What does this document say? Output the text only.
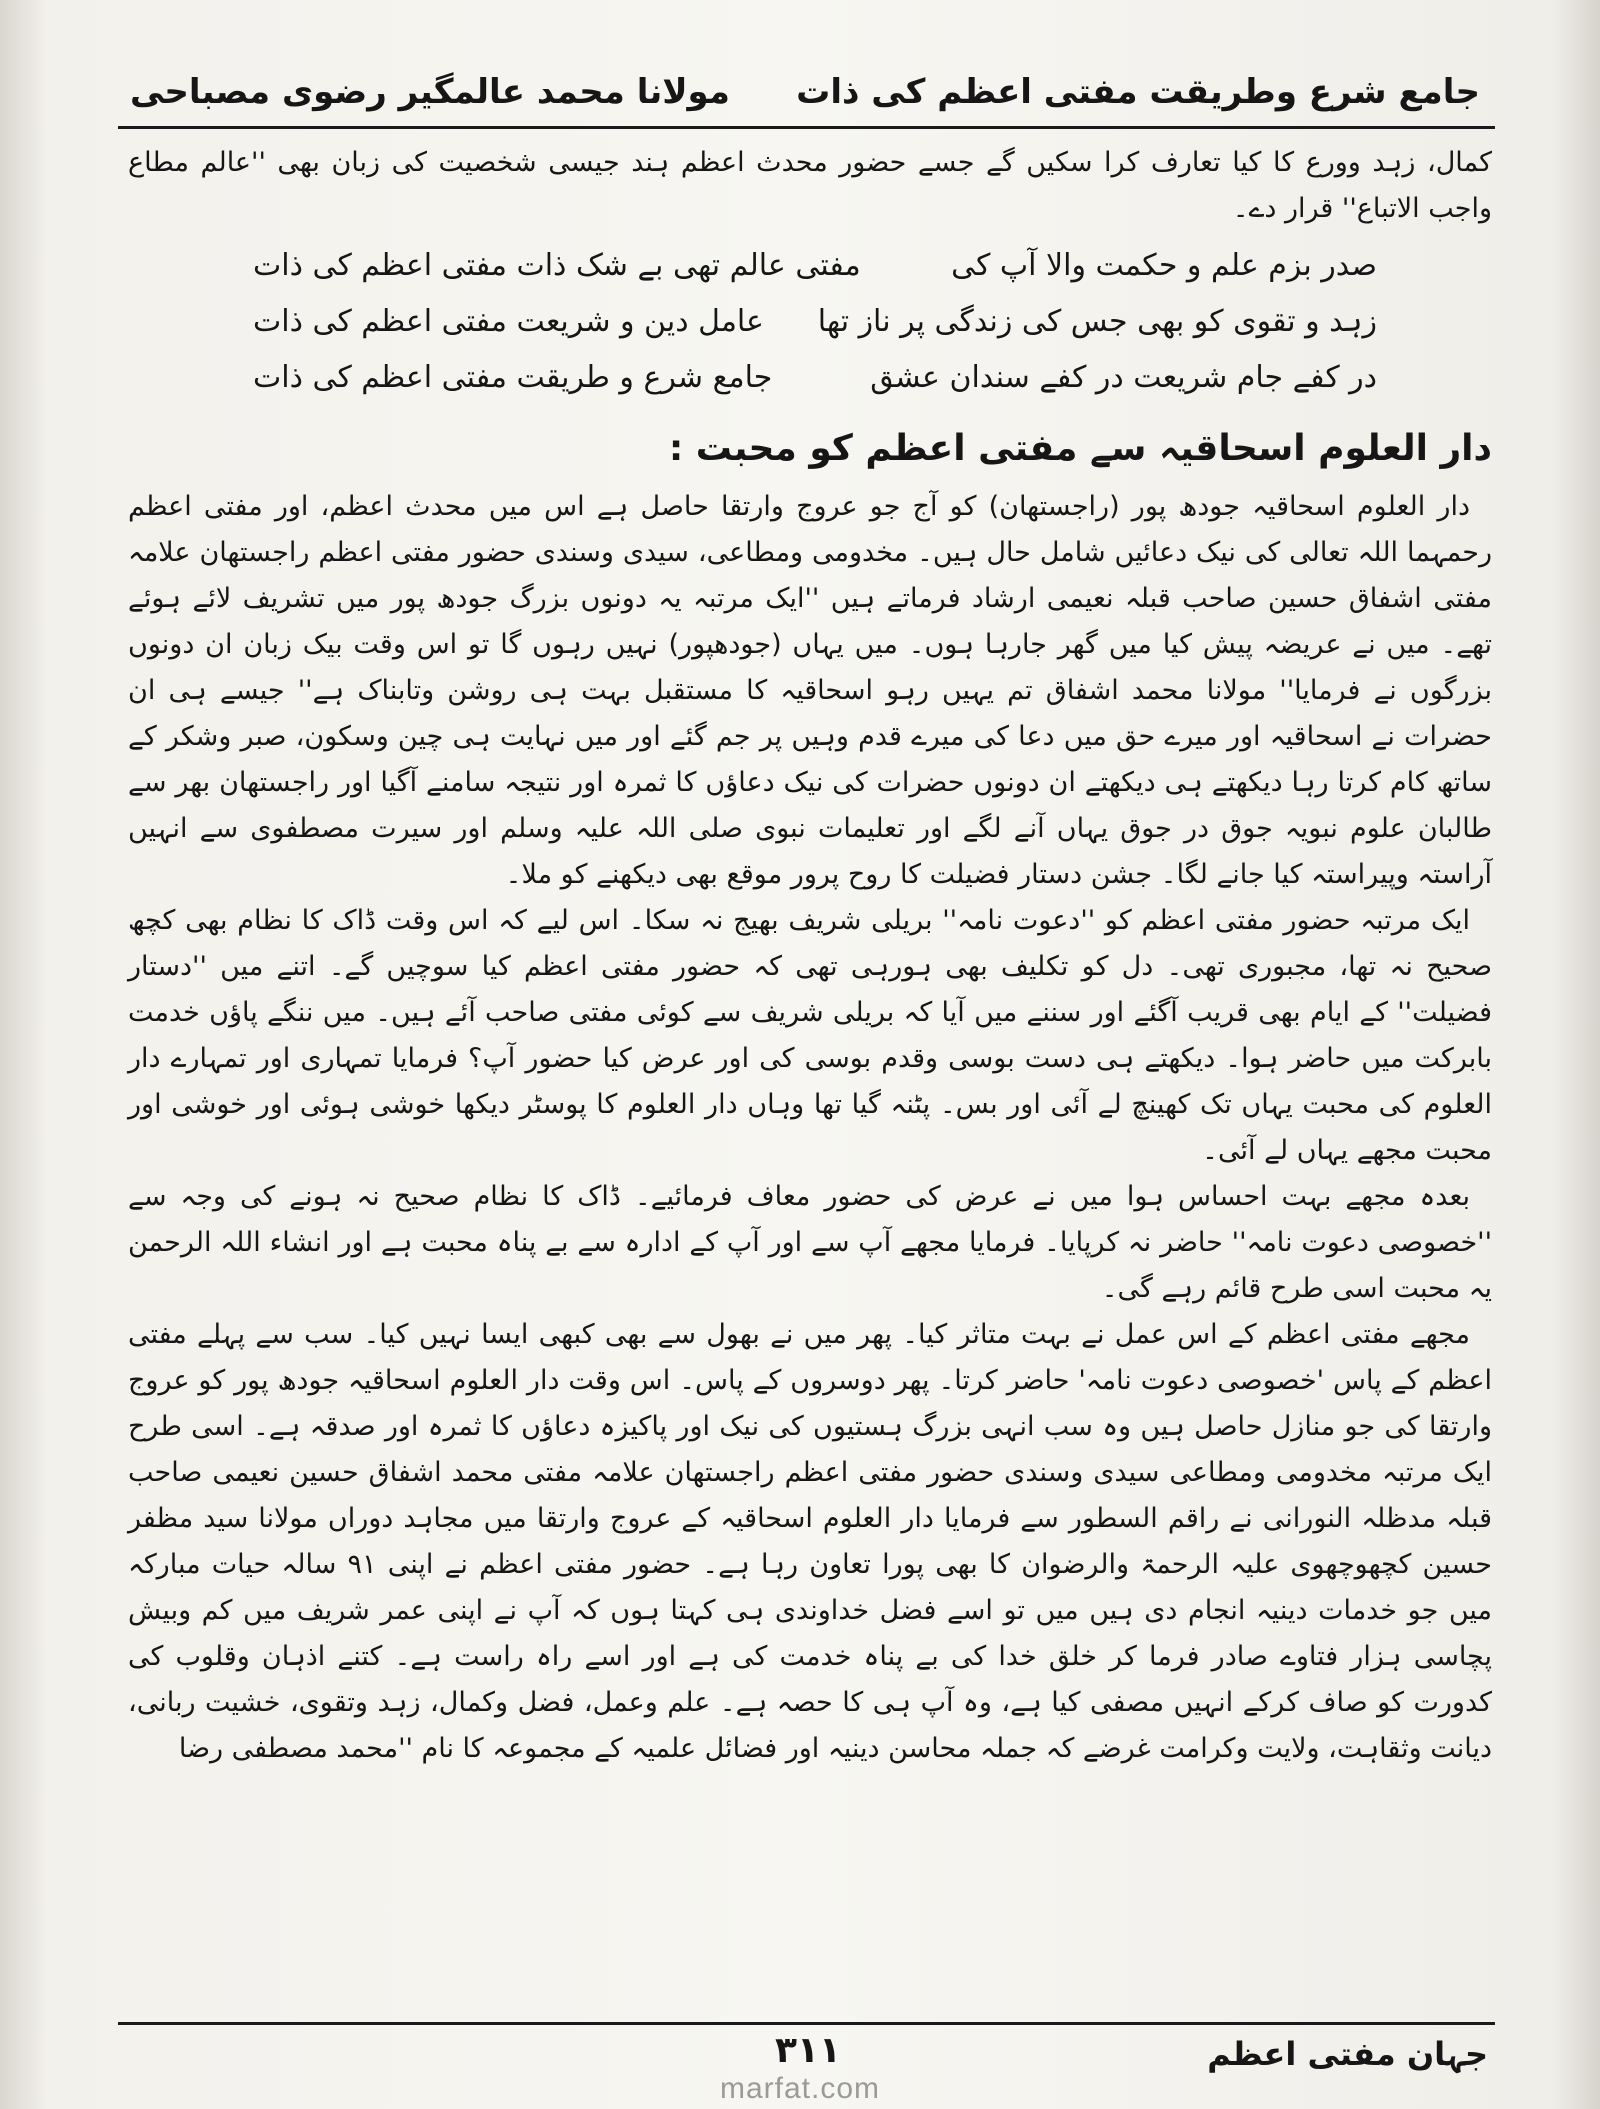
جامع شرع وطریقت مفتی اعظم کی ذات
مولانا محمد عالمگیر رضوی مصباحی

کمال، زہد وورع کا کیا تعارف کرا سکیں گے جسے حضور محدث اعظم ہند جیسی شخصیت کی زبان بھی ''عالم مطاع واجب الاتباع'' قرار دے۔

صدر بزم علم و حکمت والا آپ کی
مفتی عالم تھی بے شک ذات مفتی اعظم کی ذات
زہد و تقوی کو بھی جس کی زندگی پر ناز تھا
عامل دین و شریعت مفتی اعظم کی ذات
در کفے جام شریعت در کفے سندان عشق
جامع شرع و طریقت مفتی اعظم کی ذات
دار العلوم اسحاقیہ سے مفتی اعظم کو محبت :

دار العلوم اسحاقیہ جودھ پور (راجستھان) کو آج جو عروج وارتقا حاصل ہے اس میں محدث اعظم، اور مفتی اعظم رحمہما اللہ تعالی کی نیک دعائیں شامل حال ہیں۔ مخدومی ومطاعی، سیدی وسندی حضور مفتی اعظم راجستھان علامہ مفتی اشفاق حسین صاحب قبلہ نعیمی ارشاد فرماتے ہیں ''ایک مرتبہ یہ دونوں بزرگ جودھ پور میں تشریف لائے ہوئے تھے۔ میں نے عریضہ پیش کیا میں گھر جارہا ہوں۔ میں یہاں (جودھپور) نہیں رہوں گا تو اس وقت بیک زبان ان دونوں بزرگوں نے فرمایا'' مولانا محمد اشفاق تم یہیں رہو اسحاقیہ کا مستقبل بہت ہی روشن وتابناک ہے'' جیسے ہی ان حضرات نے اسحاقیہ اور میرے حق میں دعا کی میرے قدم وہیں پر جم گئے اور میں نہایت ہی چین وسکون، صبر وشکر کے ساتھ کام کرتا رہا دیکھتے ہی دیکھتے ان دونوں حضرات کی نیک دعاؤں کا ثمرہ اور نتیجہ سامنے آگیا اور راجستھان بھر سے طالبان علوم نبویہ جوق در جوق یہاں آنے لگے اور تعلیمات نبوی صلی اللہ علیہ وسلم اور سیرت مصطفوی سے انہیں آراستہ وپیراستہ کیا جانے لگا۔ جشن دستار فضیلت کا روح پرور موقع بھی دیکھنے کو ملا۔

ایک مرتبہ حضور مفتی اعظم کو ''دعوت نامہ'' بریلی شریف بھیج نہ سکا۔ اس لیے کہ اس وقت ڈاک کا نظام بھی کچھ صحیح نہ تھا، مجبوری تھی۔ دل کو تکلیف بھی ہورہی تھی کہ حضور مفتی اعظم کیا سوچیں گے۔ اتنے میں ''دستار فضیلت'' کے ایام بھی قریب آگئے اور سننے میں آیا کہ بریلی شریف سے کوئی مفتی صاحب آئے ہیں۔ میں ننگے پاؤں خدمت بابرکت میں حاضر ہوا۔ دیکھتے ہی دست بوسی وقدم بوسی کی اور عرض کیا حضور آپ؟ فرمایا تمہاری اور تمہارے دار العلوم کی محبت یہاں تک کھینچ لے آئی اور بس۔ پٹنہ گیا تھا وہاں دار العلوم کا پوسٹر دیکھا خوشی ہوئی اور خوشی اور محبت مجھے یہاں لے آئی۔

بعدہ مجھے بہت احساس ہوا میں نے عرض کی حضور معاف فرمائیے۔ ڈاک کا نظام صحیح نہ ہونے کی وجہ سے ''خصوصی دعوت نامہ'' حاضر نہ کرپایا۔ فرمایا مجھے آپ سے اور آپ کے ادارہ سے بے پناہ محبت ہے اور انشاء اللہ الرحمن یہ محبت اسی طرح قائم رہے گی۔

مجھے مفتی اعظم کے اس عمل نے بہت متاثر کیا۔ پھر میں نے بھول سے بھی کبھی ایسا نہیں کیا۔ سب سے پہلے مفتی اعظم کے پاس 'خصوصی دعوت نامہ' حاضر کرتا۔ پھر دوسروں کے پاس۔ اس وقت دار العلوم اسحاقیہ جودھ پور کو عروج وارتقا کی جو منازل حاصل ہیں وہ سب انہی بزرگ ہستیوں کی نیک اور پاکیزہ دعاؤں کا ثمرہ اور صدقہ ہے۔ اسی طرح ایک مرتبہ مخدومی ومطاعی سیدی وسندی حضور مفتی اعظم راجستھان علامہ مفتی محمد اشفاق حسین نعیمی صاحب قبلہ مدظلہ النورانی نے راقم السطور سے فرمایا دار العلوم اسحاقیہ کے عروج وارتقا میں مجاہد دوراں مولانا سید مظفر حسین کچھوچھوی علیہ الرحمۃ والرضوان کا بھی پورا تعاون رہا ہے۔ حضور مفتی اعظم نے اپنی ۹۱ سالہ حیات مبارکہ میں جو خدمات دینیہ انجام دی ہیں میں تو اسے فضل خداوندی ہی کہتا ہوں کہ آپ نے اپنی عمر شریف میں کم وبیش پچاسی ہزار فتاوے صادر فرما کر خلق خدا کی بے پناہ خدمت کی ہے اور اسے راہ راست ہے۔ کتنے اذہان وقلوب کی کدورت کو صاف کرکے انہیں مصفی کیا ہے، وہ آپ ہی کا حصہ ہے۔ علم وعمل، فضل وکمال، زہد وتقوی، خشیت ربانی، دیانت وثقاہت، ولایت وکرامت غرضے کہ جملہ محاسن دینیہ اور فضائل علمیہ کے مجموعہ کا نام ''محمد مصطفی رضا

جہان مفتی اعظم
۳۱۱
marfat.com
